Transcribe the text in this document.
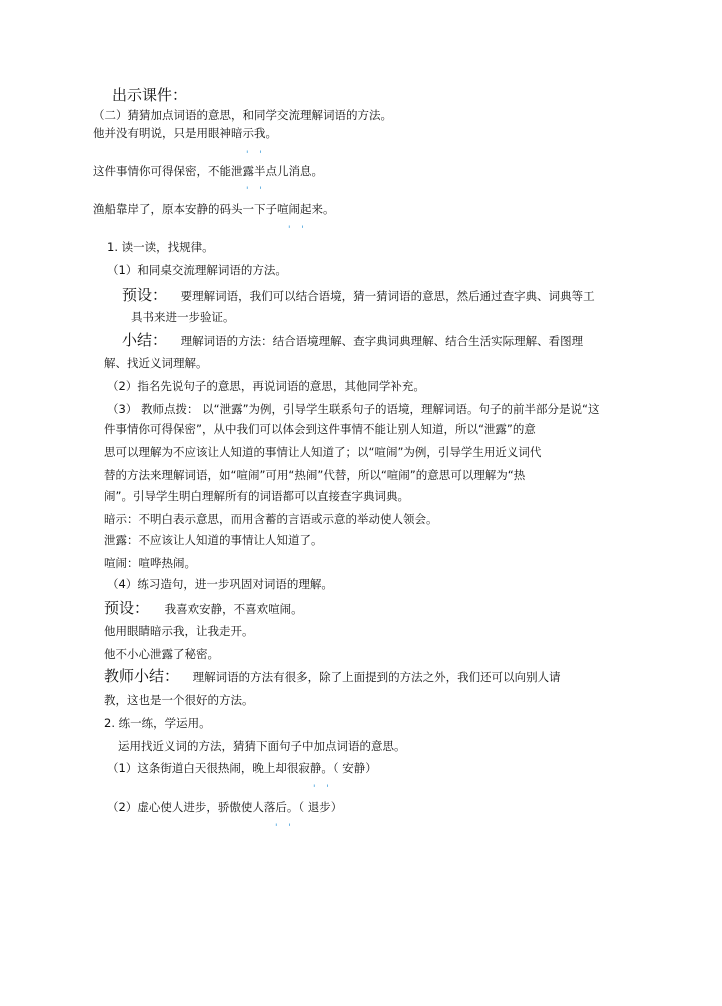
出示课件：
（二）猜猜加点词语的意思，和同学交流理解词语的方法。
他并没有明说，只是用眼神暗示我。
' '
这件事情你可得保密，不能泄露半点儿消息。
' '
渔船靠岸了，原本安静的码头一下子喧闹起来。
' '
1. 读一读，找规律。
（1）和同桌交流理解词语的方法。
预设： 要理解词语，我们可以结合语境，猜一猜词语的意思，然后通过查字典、词典等工
具书来进一步验证。
小结： 理解词语的方法：结合语境理解、查字典词典理解、结合生活实际理解、看图理
解、找近义词理解。
（2）指名先说句子的意思，再说词语的意思，其他同学补充。
（3） 教师点拨： 以“泄露”为例，引导学生联系句子的语境，理解词语。句子的前半部分是说“这
件事情你可得保密”，从中我们可以体会到这件事情不能让别人知道，所以“泄露”的意
思可以理解为不应该让人知道的事情让人知道了；以“喧闹”为例，引导学生用近义词代
替的方法来理解词语，如“喧闹”可用“热闹”代替，所以“喧闹”的意思可以理解为“热
闹”。引导学生明白理解所有的词语都可以直接查字典词典。
暗示：不明白表示意思，而用含蓄的言语或示意的举动使人领会。
泄露：不应该让人知道的事情让人知道了。
喧闹：喧哗热闹。
（4）练习造句，进一步巩固对词语的理解。
预设： 我喜欢安静，不喜欢喧闹。
他用眼睛暗示我，让我走开。
他不小心泄露了秘密。
教师小结： 理解词语的方法有很多，除了上面提到的方法之外，我们还可以向别人请
教，这也是一个很好的方法。
2. 练一练，学运用。
运用找近义词的方法，猜猜下面句子中加点词语的意思。
（1）这条街道白天很热闹，晚上却很寂静。（ 安静）
' '
（2）虚心使人进步，骄傲使人落后。（ 退步）
' '
